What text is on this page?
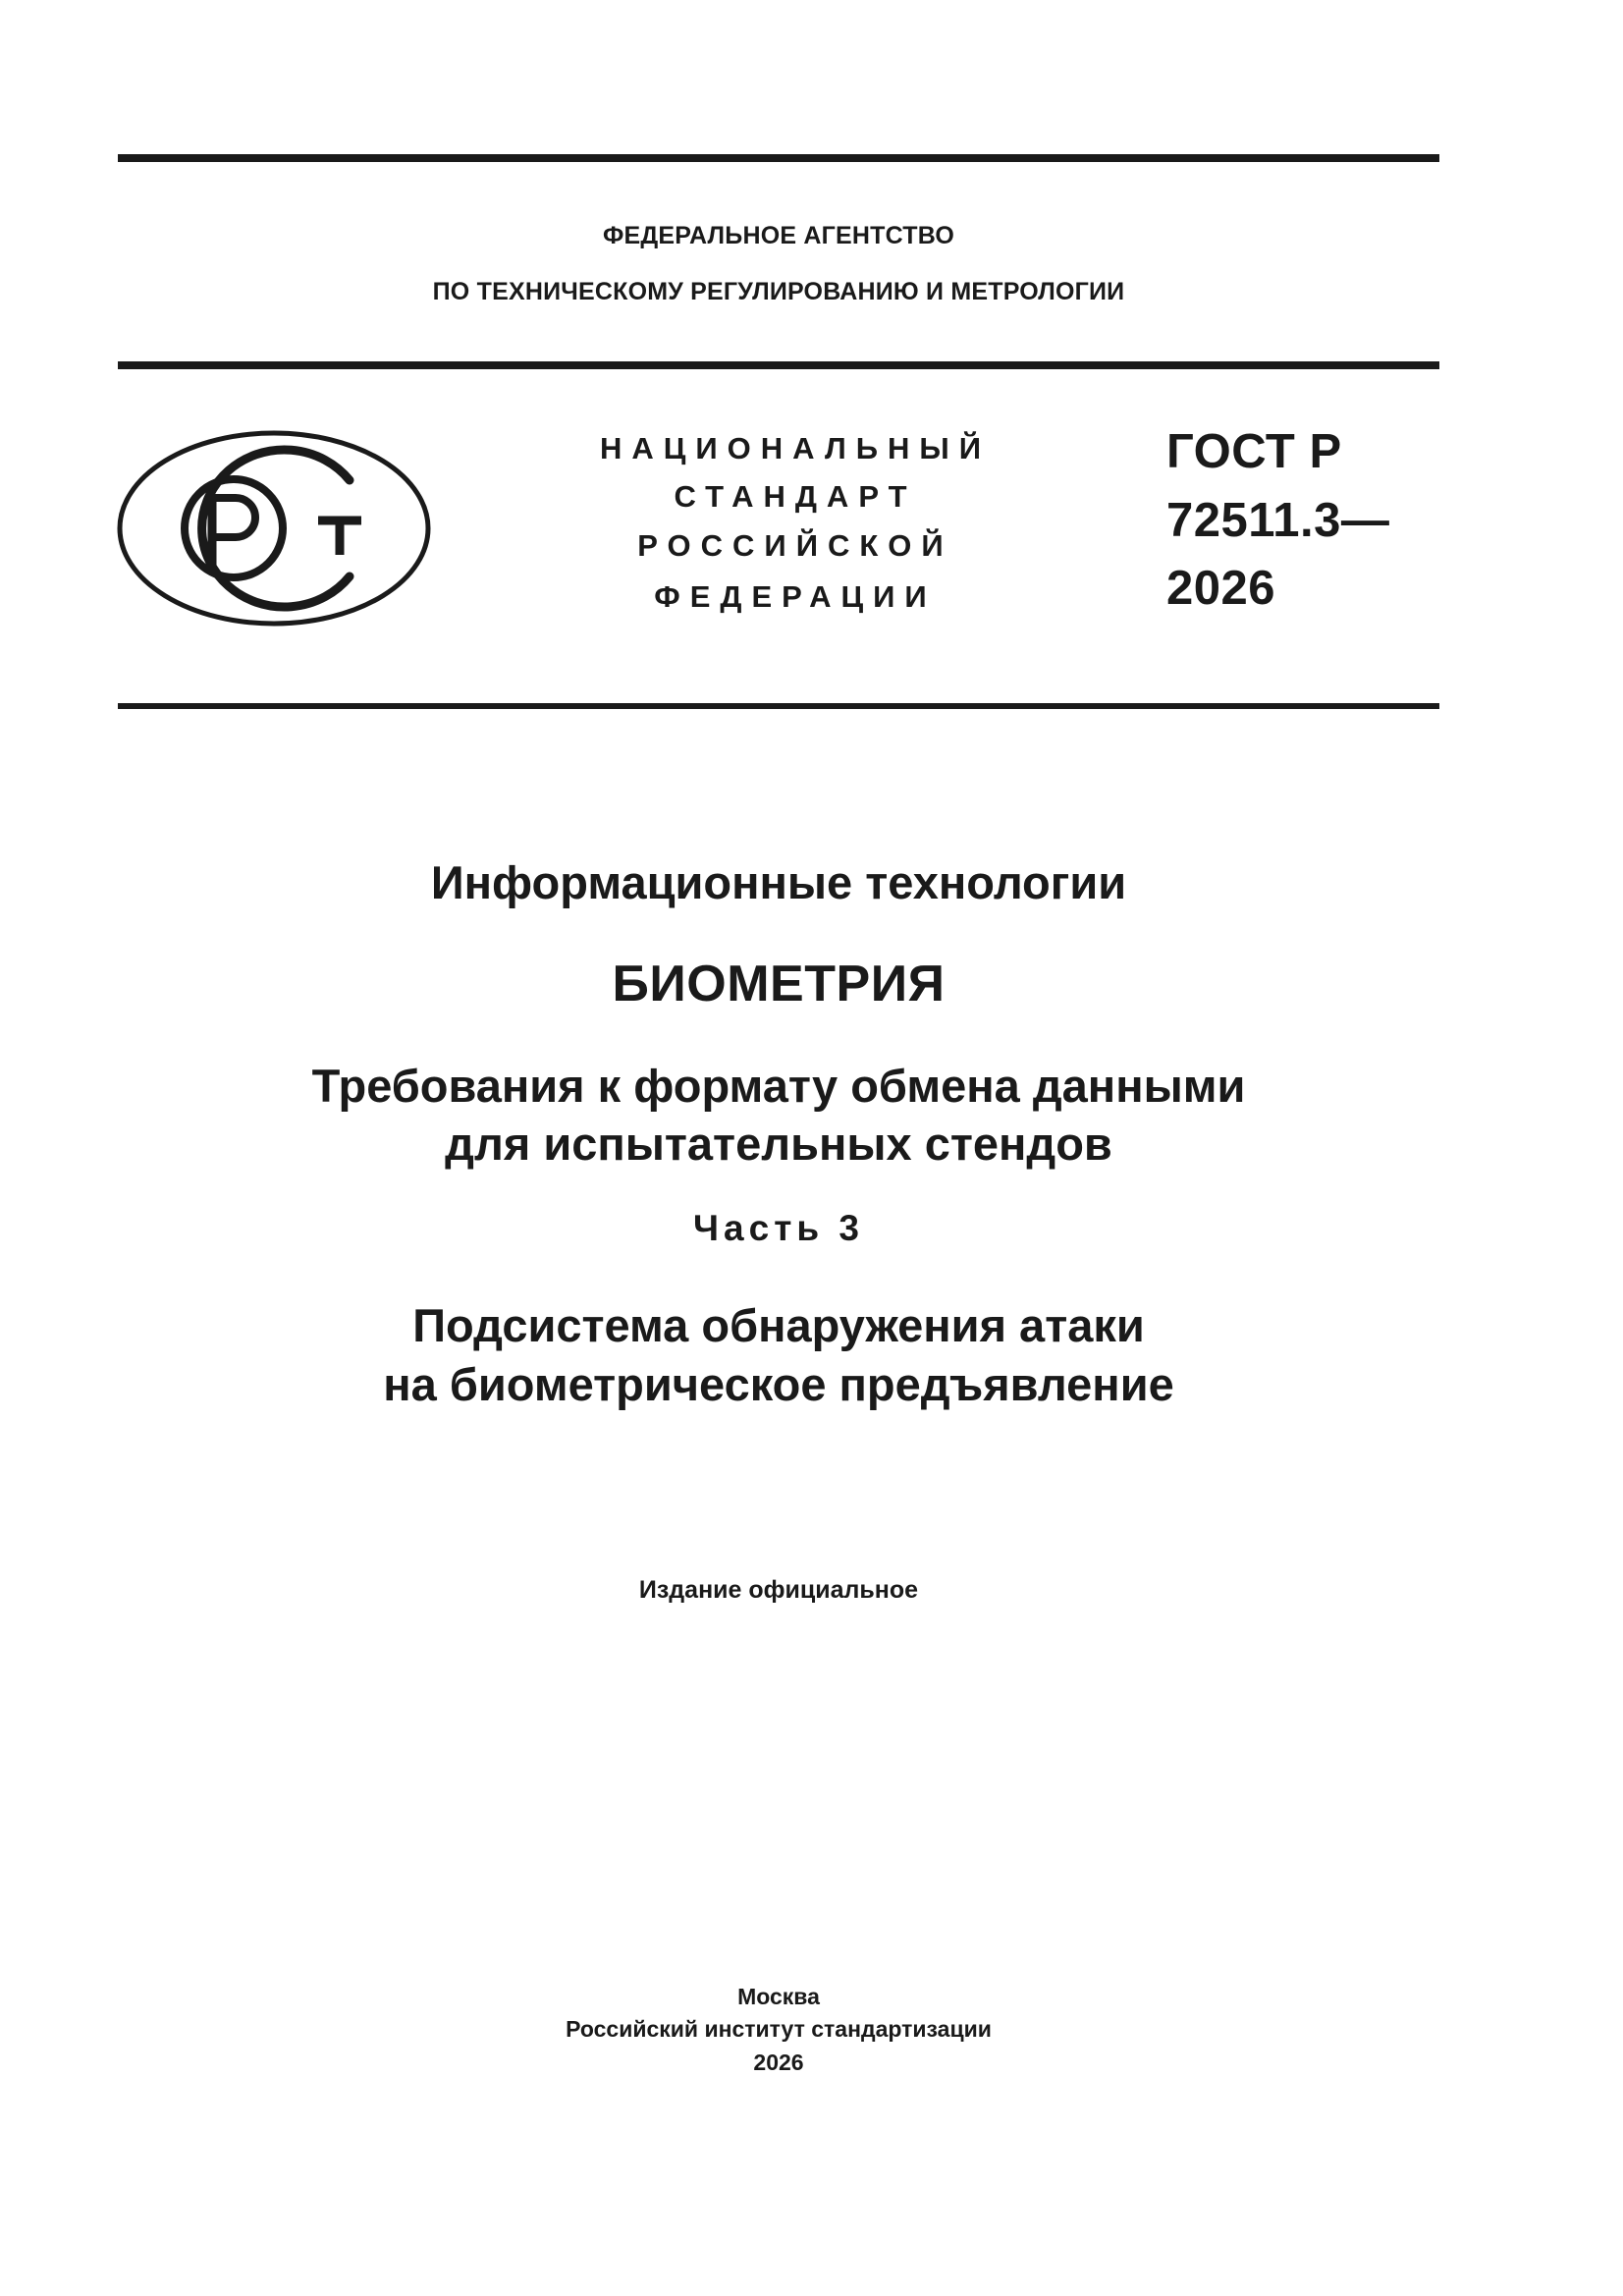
ФЕДЕРАЛЬНОЕ АГЕНТСТВО
ПО ТЕХНИЧЕСКОМУ РЕГУЛИРОВАНИЮ И МЕТРОЛОГИИ
НАЦИОНАЛЬНЫЙ
СТАНДАРТ
РОССИЙСКОЙ
ФЕДЕРАЦИИ
ГОСТ Р
72511.3—
2026
Информационные технологии
БИОМЕТРИЯ
Требования к формату обмена данными
для испытательных стендов
Часть 3
Подсистема обнаружения атаки
на биометрическое предъявление
Издание официальное
Москва
Российский институт стандартизации
2026
